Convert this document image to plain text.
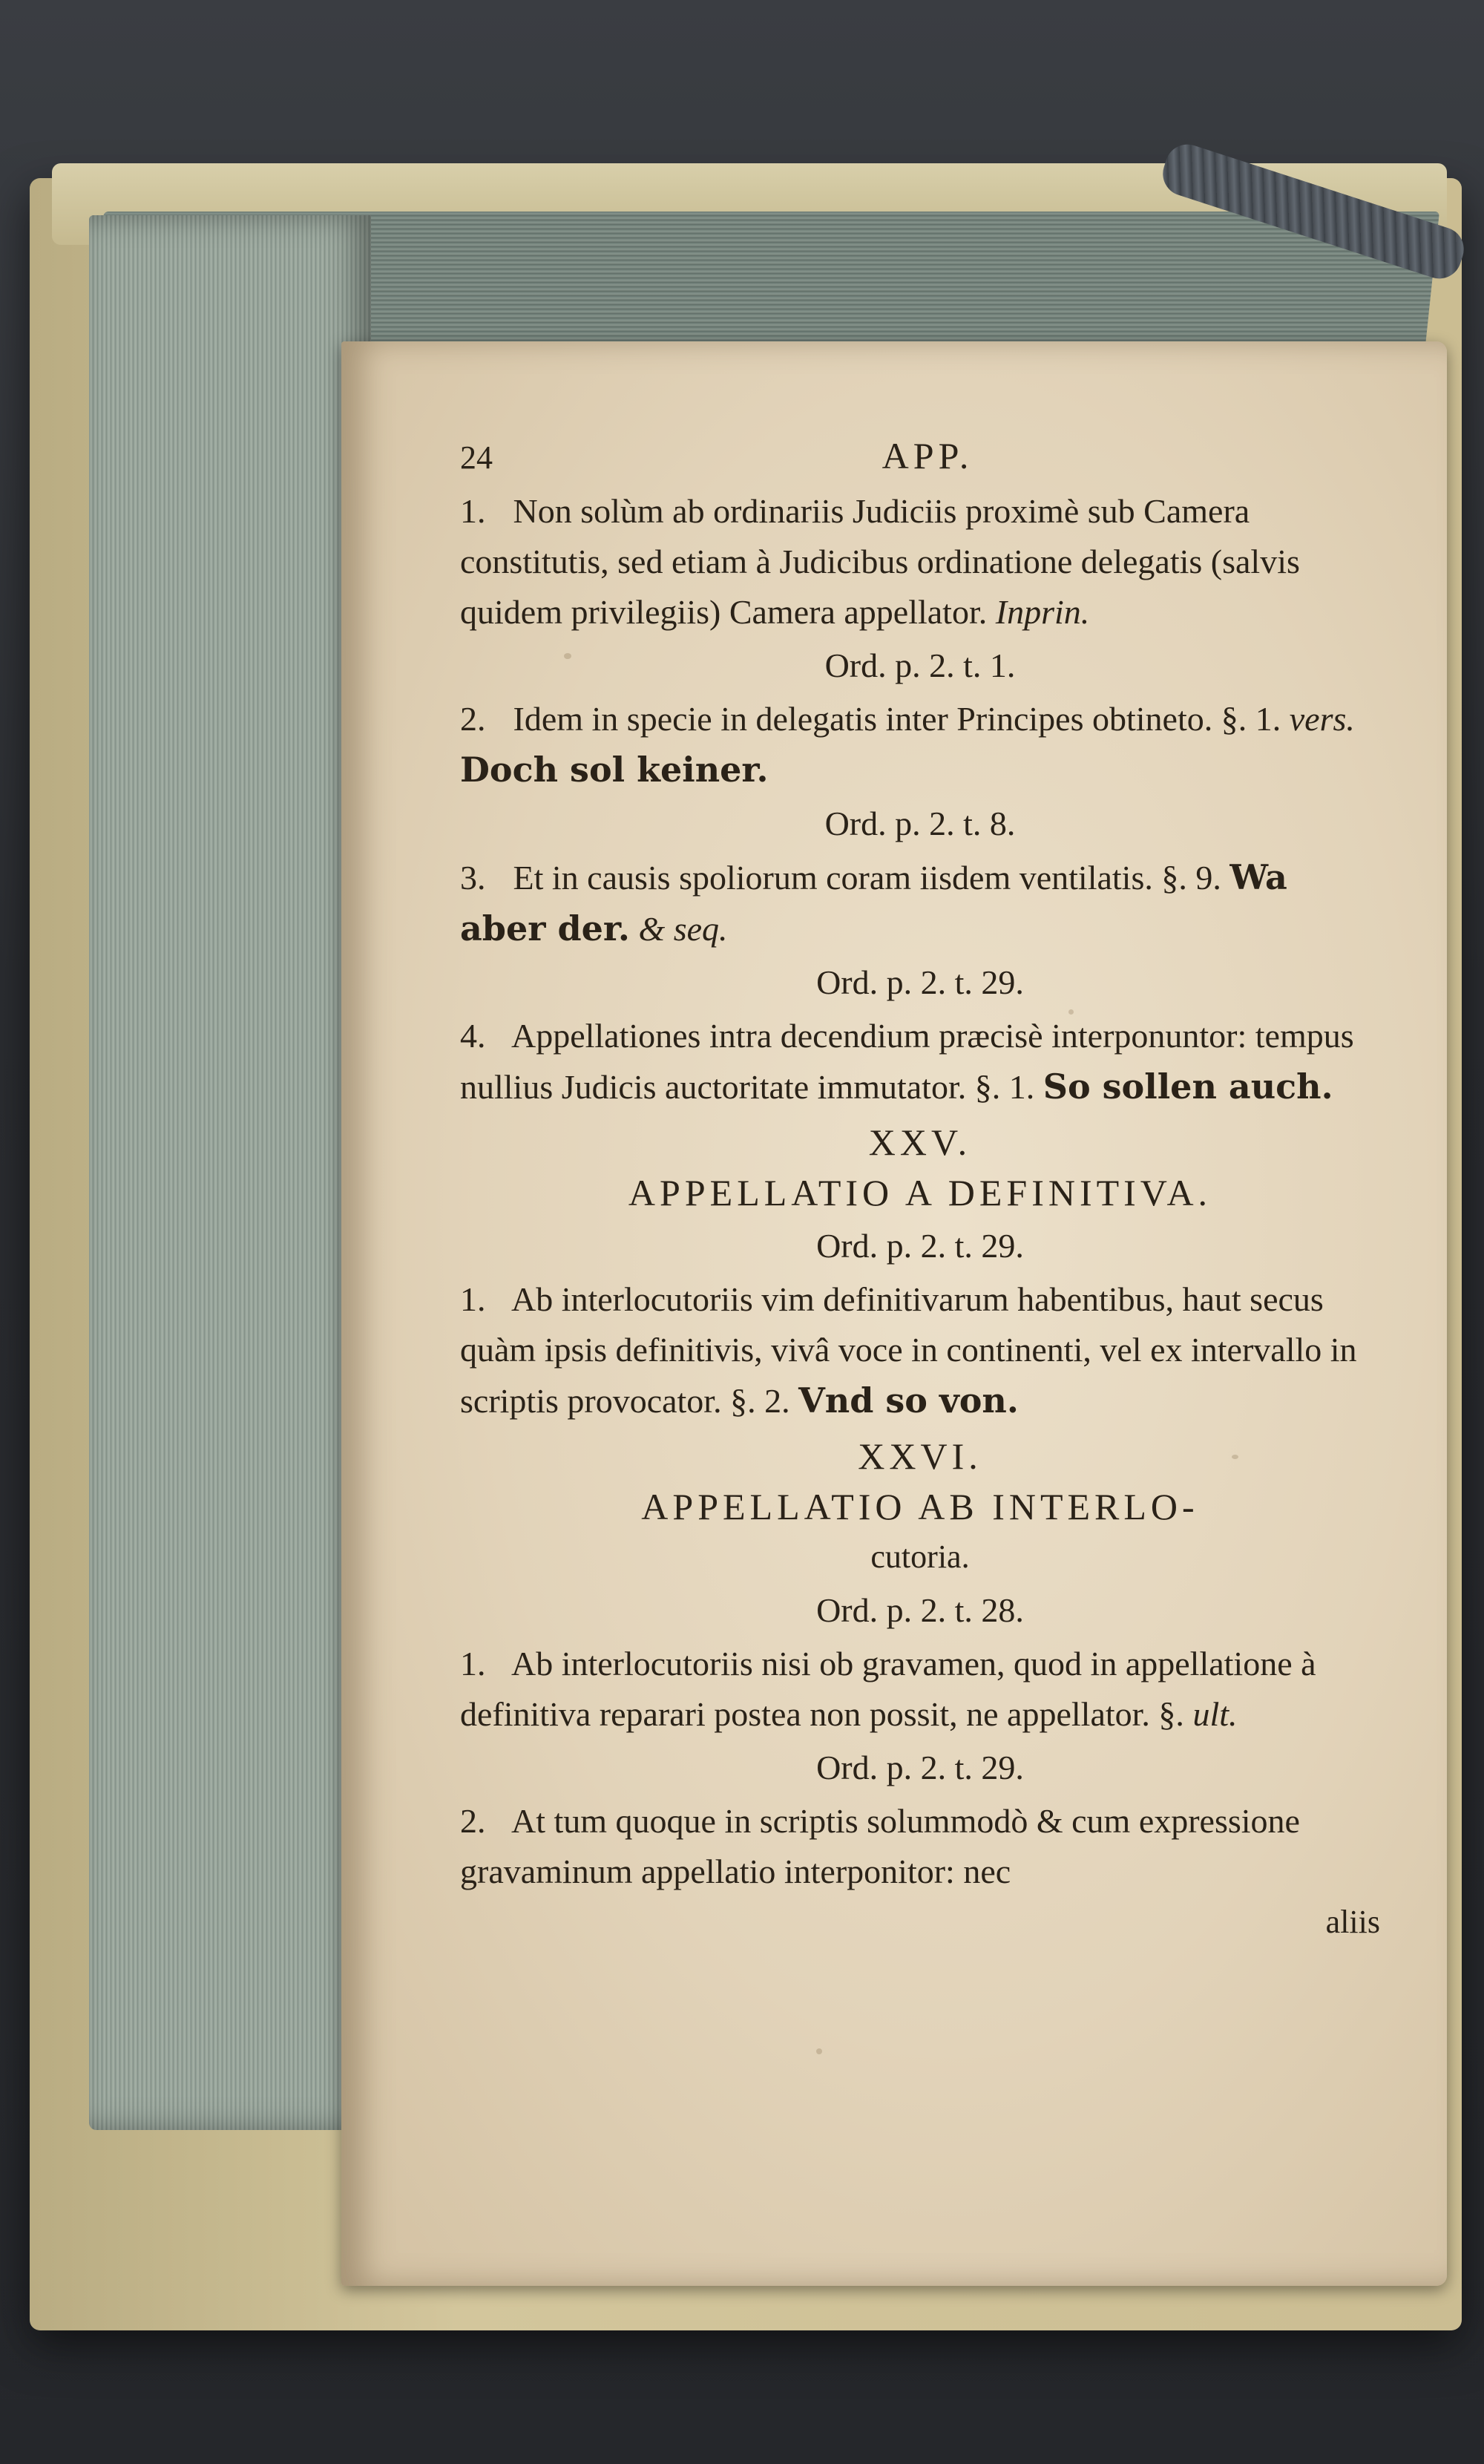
24	APP.

1. Non solùm ab ordinariis Judiciis proximè sub Camera constitutis, sed etiam à Judicibus ordinatione delegatis (salvis quidem privilegiis) Camera appellator. Inprin.

Ord. p. 2. t. 1.

2. Idem in specie in delegatis inter Principes obtinetο. §. 1. vers. Doch sol keiner.

Ord. p. 2. t. 8.

3. Et in causis spoliorum coram iisdem ventilatis. §. 9. Wa aber der. & seq.

Ord. p. 2. t. 29.

4. Appellationes intra decendium præcisè interponuntor: tempus nullius Judicis auctoritate immutator. §. 1. So sollen auch.

XXV.
APPELLATIO A DEFINITIVA.
Ord. p. 2. t. 29.

1. Ab interlocutoriis vim definitivarum habentibus, haut secus quàm ipsis definitivis, vivâ voce in continenti, vel ex intervallo in scriptis provocator. §. 2. Vnd so von.

XXVI.
APPELLATIO AB INTERLO-
cutoria.
Ord. p. 2. t. 28.

1. Ab interlocutoriis nisi ob gravamen, quod in appellatione à definitiva reparari postea non possit, ne appellator. §. ult.

Ord. p. 2. t. 29.

2. At tum quoque in scriptis solummodò & cum expressione gravaminum appellatio interponitor: nec

aliis
